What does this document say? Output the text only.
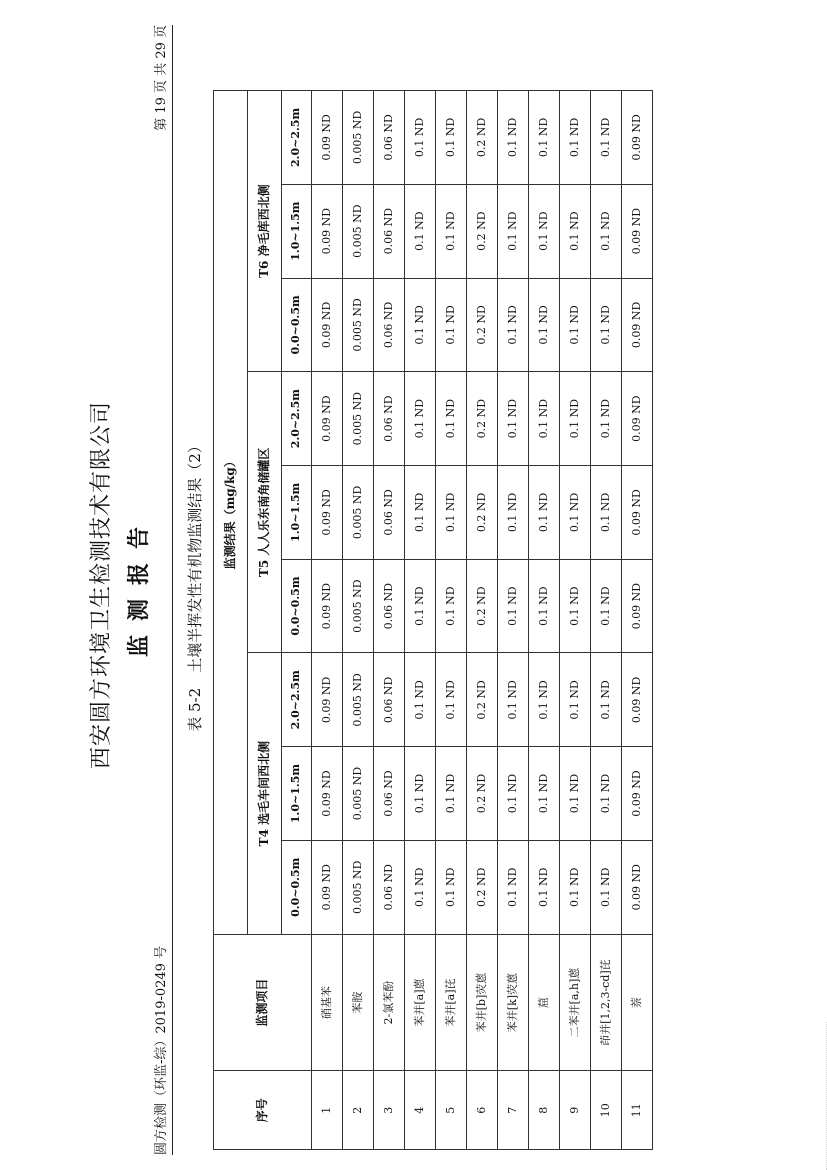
西安圆方环境卫生检测技术有限公司 监测报告
圆方检测（环监-综）2019-0249 号
第 19 页 共 29 页
表 5-2　土壤半挥发性有机物监测结果（2）
序号	监测项目	监测结果（mg/kg）								
		T4 选毛车间西北侧			T5 人人乐东南角储罐区			T6 净毛库西北侧		
		0.0~0.5m	1.0~1.5m	2.0~2.5m	0.0~0.5m	1.0~1.5m	2.0~2.5m	0.0~0.5m	1.0~1.5m	2.0~2.5m
1	硝基苯	0.09 ND	0.09 ND	0.09 ND	0.09 ND	0.09 ND	0.09 ND	0.09 ND	0.09 ND	0.09 ND
2	苯胺	0.005 ND	0.005 ND	0.005 ND	0.005 ND	0.005 ND	0.005 ND	0.005 ND	0.005 ND	0.005 ND
3	2-氯苯酚	0.06 ND	0.06 ND	0.06 ND	0.06 ND	0.06 ND	0.06 ND	0.06 ND	0.06 ND	0.06 ND
4	苯并[a]蒽	0.1 ND	0.1 ND	0.1 ND	0.1 ND	0.1 ND	0.1 ND	0.1 ND	0.1 ND	0.1 ND
5	苯并[a]芘	0.1 ND	0.1 ND	0.1 ND	0.1 ND	0.1 ND	0.1 ND	0.1 ND	0.1 ND	0.1 ND
6	苯并[b]荧蒽	0.2 ND	0.2 ND	0.2 ND	0.2 ND	0.2 ND	0.2 ND	0.2 ND	0.2 ND	0.2 ND
7	苯并[k]荧蒽	0.1 ND	0.1 ND	0.1 ND	0.1 ND	0.1 ND	0.1 ND	0.1 ND	0.1 ND	0.1 ND
8	䓛	0.1 ND	0.1 ND	0.1 ND	0.1 ND	0.1 ND	0.1 ND	0.1 ND	0.1 ND	0.1 ND
9	二苯并[a,h]蒽	0.1 ND	0.1 ND	0.1 ND	0.1 ND	0.1 ND	0.1 ND	0.1 ND	0.1 ND	0.1 ND
10	茚并[1,2,3-cd]芘	0.1 ND	0.1 ND	0.1 ND	0.1 ND	0.1 ND	0.1 ND	0.1 ND	0.1 ND	0.1 ND
11	萘	0.09 ND	0.09 ND	0.09 ND	0.09 ND	0.09 ND	0.09 ND	0.09 ND	0.09 ND	0.09 ND
